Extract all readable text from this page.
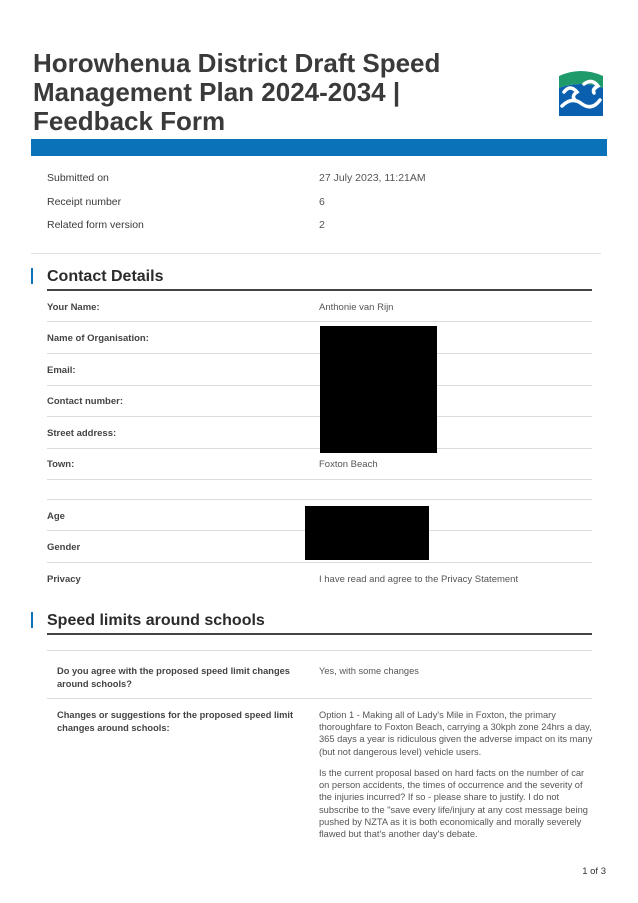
Horowhenua District Draft Speed
Management Plan 2024-2034 |
Feedback Form
Submitted on	27 July 2023, 11:21AM
Receipt number	6
Related form version	2
Contact Details
Your Name:	Anthonie van Rijn
Name of Organisation:
Email:
Contact number:
Street address:
Town:	Foxton Beach
Age
Gender
Privacy	I have read and agree to the Privacy Statement
Speed limits around schools
Do you agree with the proposed speed limit changes around schools?
Yes, with some changes
Changes or suggestions for the proposed speed limit changes around schools:
Option 1 - Making all of Lady's Mile in Foxton, the primary thoroughfare to Foxton Beach, carrying a 30kph zone 24hrs a day, 365 days a year is ridiculous given the adverse impact on its many (but not dangerous level) vehicle users.
Is the current proposal based on hard facts on the number of car on person accidents, the times of occurrence and the severity of the injuries incurred? If so - please share to justify. I do not subscribe to the "save every life/injury at any cost message being pushed by NZTA as it is both economically and morally severely flawed but that's another day's debate.
1 of 3
